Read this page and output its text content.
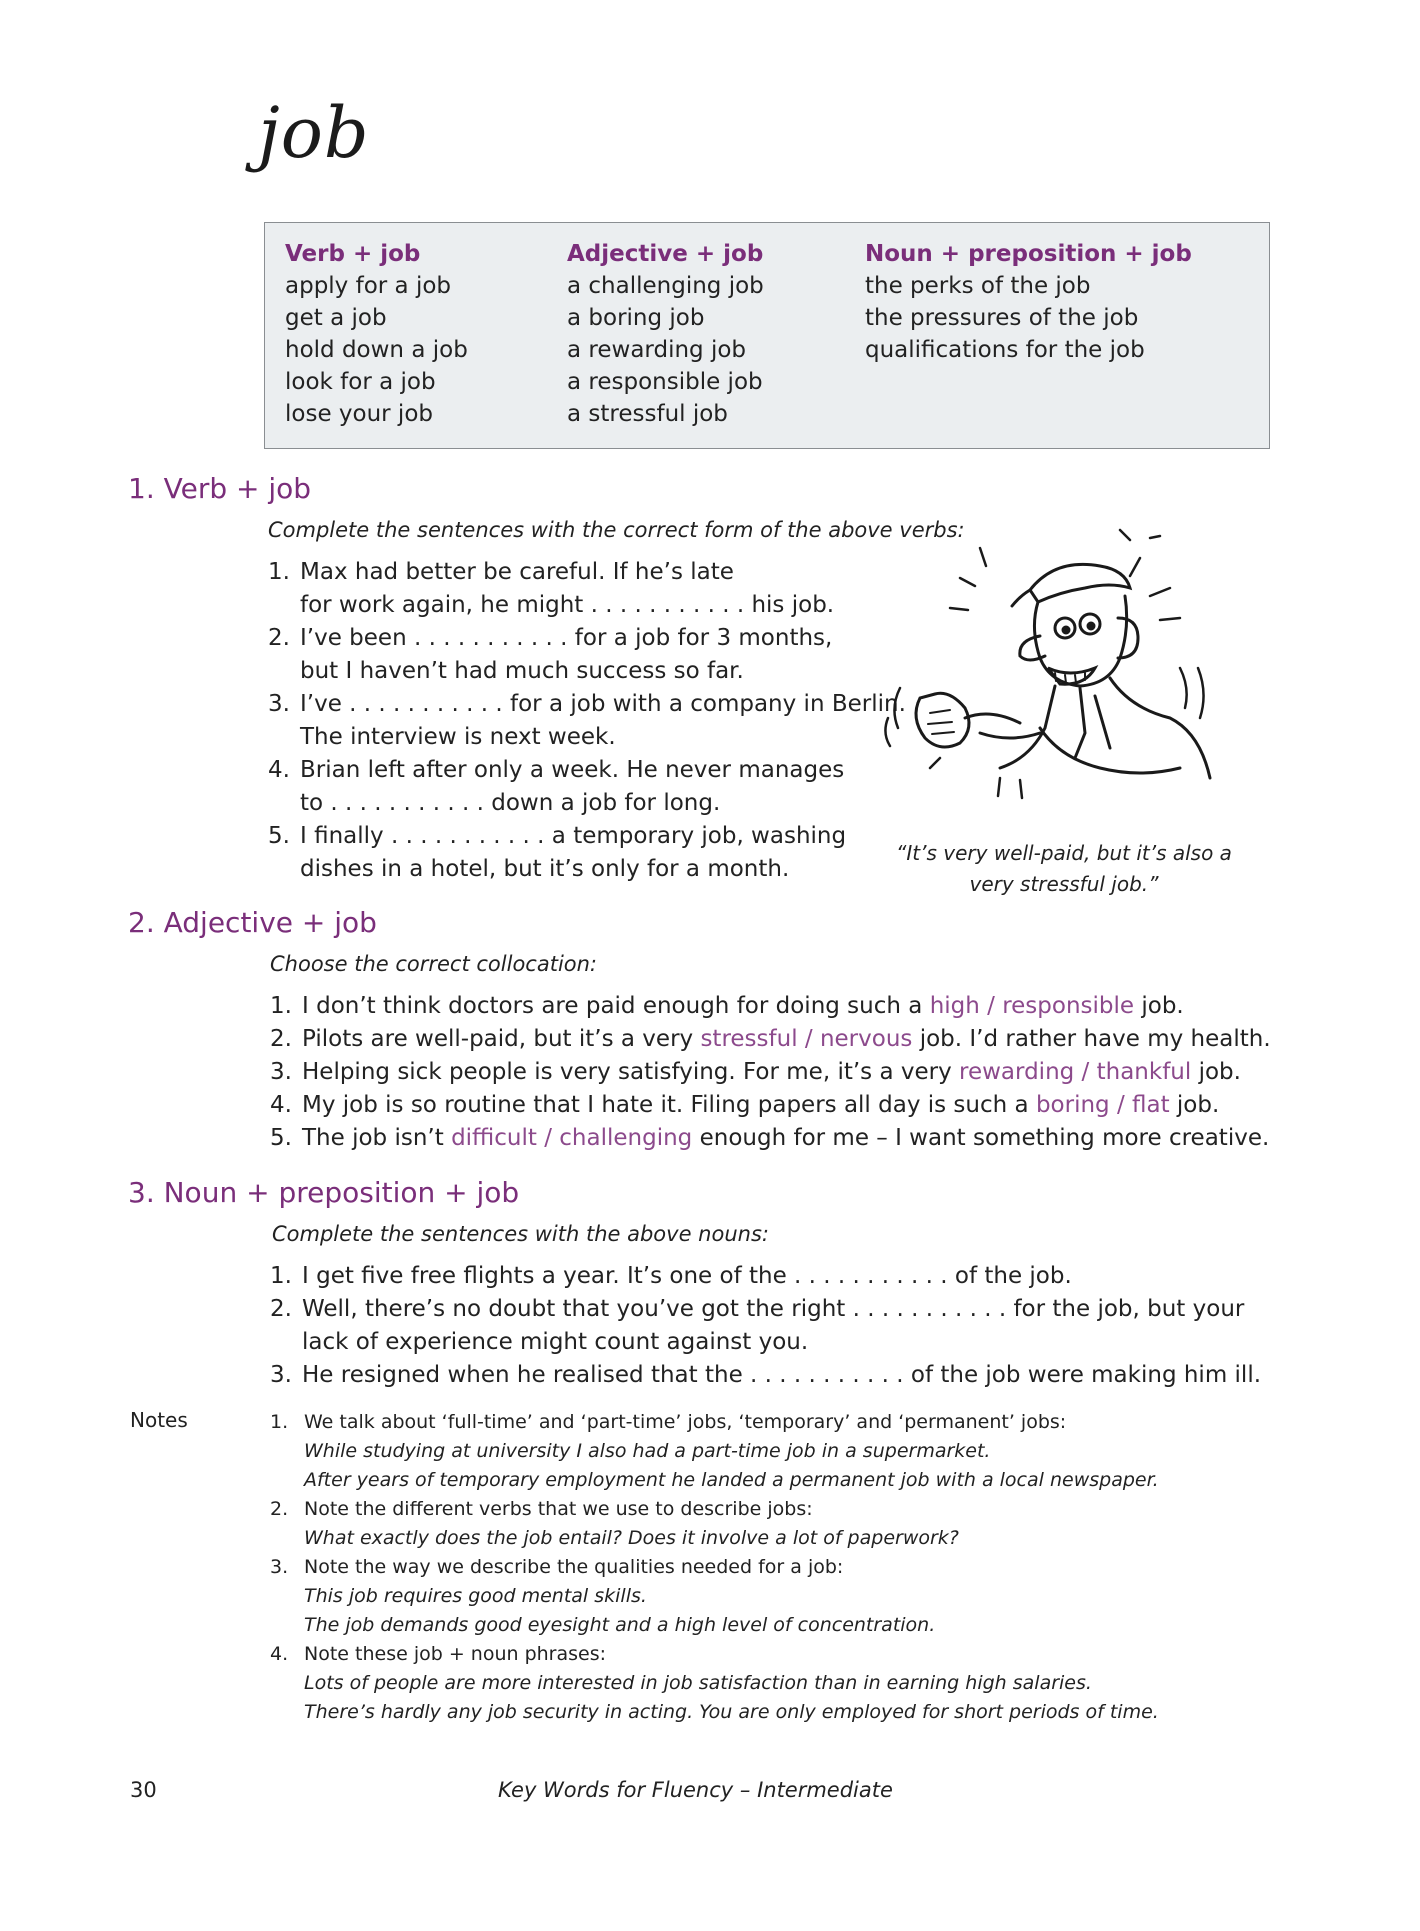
job
Verb + job
apply for a job
get a job
hold down a job
look for a job
lose your job
Adjective + job
a challenging job
a boring job
a rewarding job
a responsible job
a stressful job
Noun + preposition + job
the perks of the job
the pressures of the job
qualifications for the job
1. Verb + job
Complete the sentences with the correct form of the above verbs:
1. Max had better be careful. If he’s late
for work again, he might . . . . . . . . . . . his job.
2. I’ve been . . . . . . . . . . . for a job for 3 months,
but I haven’t had much success so far.
3. I’ve . . . . . . . . . . . for a job with a company in Berlin.
The interview is next week.
4. Brian left after only a week. He never manages
to . . . . . . . . . . . down a job for long.
5. I finally . . . . . . . . . . . a temporary job, washing
dishes in a hotel, but it’s only for a month.
“It’s very well-paid, but it’s also a
very stressful job.”
2. Adjective + job
Choose the correct collocation:
1. I don’t think doctors are paid enough for doing such a high / responsible job.
2. Pilots are well-paid, but it’s a very stressful / nervous job. I’d rather have my health.
3. Helping sick people is very satisfying. For me, it’s a very rewarding / thankful job.
4. My job is so routine that I hate it. Filing papers all day is such a boring / flat job.
5. The job isn’t difficult / challenging enough for me – I want something more creative.
3. Noun + preposition + job
Complete the sentences with the above nouns:
1. I get five free flights a year. It’s one of the . . . . . . . . . . . of the job.
2. Well, there’s no doubt that you’ve got the right . . . . . . . . . . . for the job, but your
lack of experience might count against you.
3. He resigned when he realised that the . . . . . . . . . . . of the job were making him ill.
Notes	1. We talk about ‘full-time’ and ‘part-time’ jobs, ‘temporary’ and ‘permanent’ jobs:
While studying at university I also had a part-time job in a supermarket.
After years of temporary employment he landed a permanent job with a local newspaper.
2. Note the different verbs that we use to describe jobs:
What exactly does the job entail? Does it involve a lot of paperwork?
3. Note the way we describe the qualities needed for a job:
This job requires good mental skills.
The job demands good eyesight and a high level of concentration.
4. Note these job + noun phrases:
Lots of people are more interested in job satisfaction than in earning high salaries.
There’s hardly any job security in acting. You are only employed for short periods of time.
30	Key Words for Fluency – Intermediate
